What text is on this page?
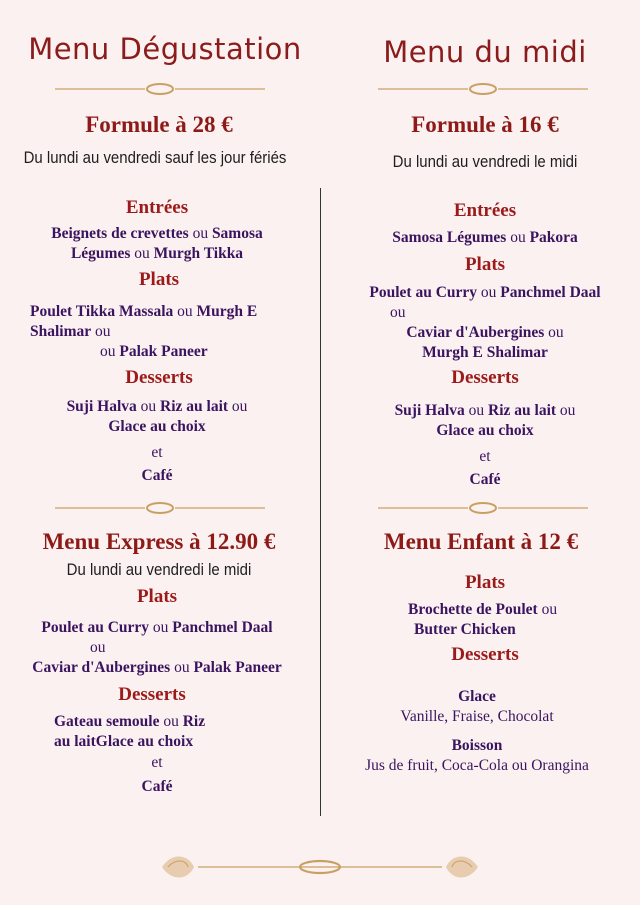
Menu Dégustation
Formule à 28 €
Du lundi au vendredi sauf les jour fériés
Entrées
Beignets de crevettes ou Samosa
Légumes ou Murgh Tikka
Plats
Poulet Tikka Massala ou Murgh E
Shalimar ou
ou Palak Paneer
Desserts
Suji Halva ou Riz au lait ou
Glace au choix
et
Café
Menu du midi
Formule à 16 €
Du lundi au vendredi le midi
Entrées
Samosa Légumes ou Pakora
Plats
Poulet au Curry ou Panchmel Daal
ou
Caviar d'Aubergines ou
Murgh E Shalimar
Desserts
Suji Halva ou Riz au lait ou
Glace au choix
et
Café
Menu Express à 12.90 €
Du lundi au vendredi le midi
Plats
Poulet au Curry ou Panchmel Daal
ou
Caviar d'Aubergines ou Palak Paneer
Desserts
Gateau semoule ou Riz
au laitGlace au choix
et
Café
Menu Enfant à 12 €
Plats
Brochette de Poulet ou
Butter Chicken
Desserts
Glace
Vanille, Fraise, Chocolat
Boisson
Jus de fruit, Coca-Cola ou Orangina
